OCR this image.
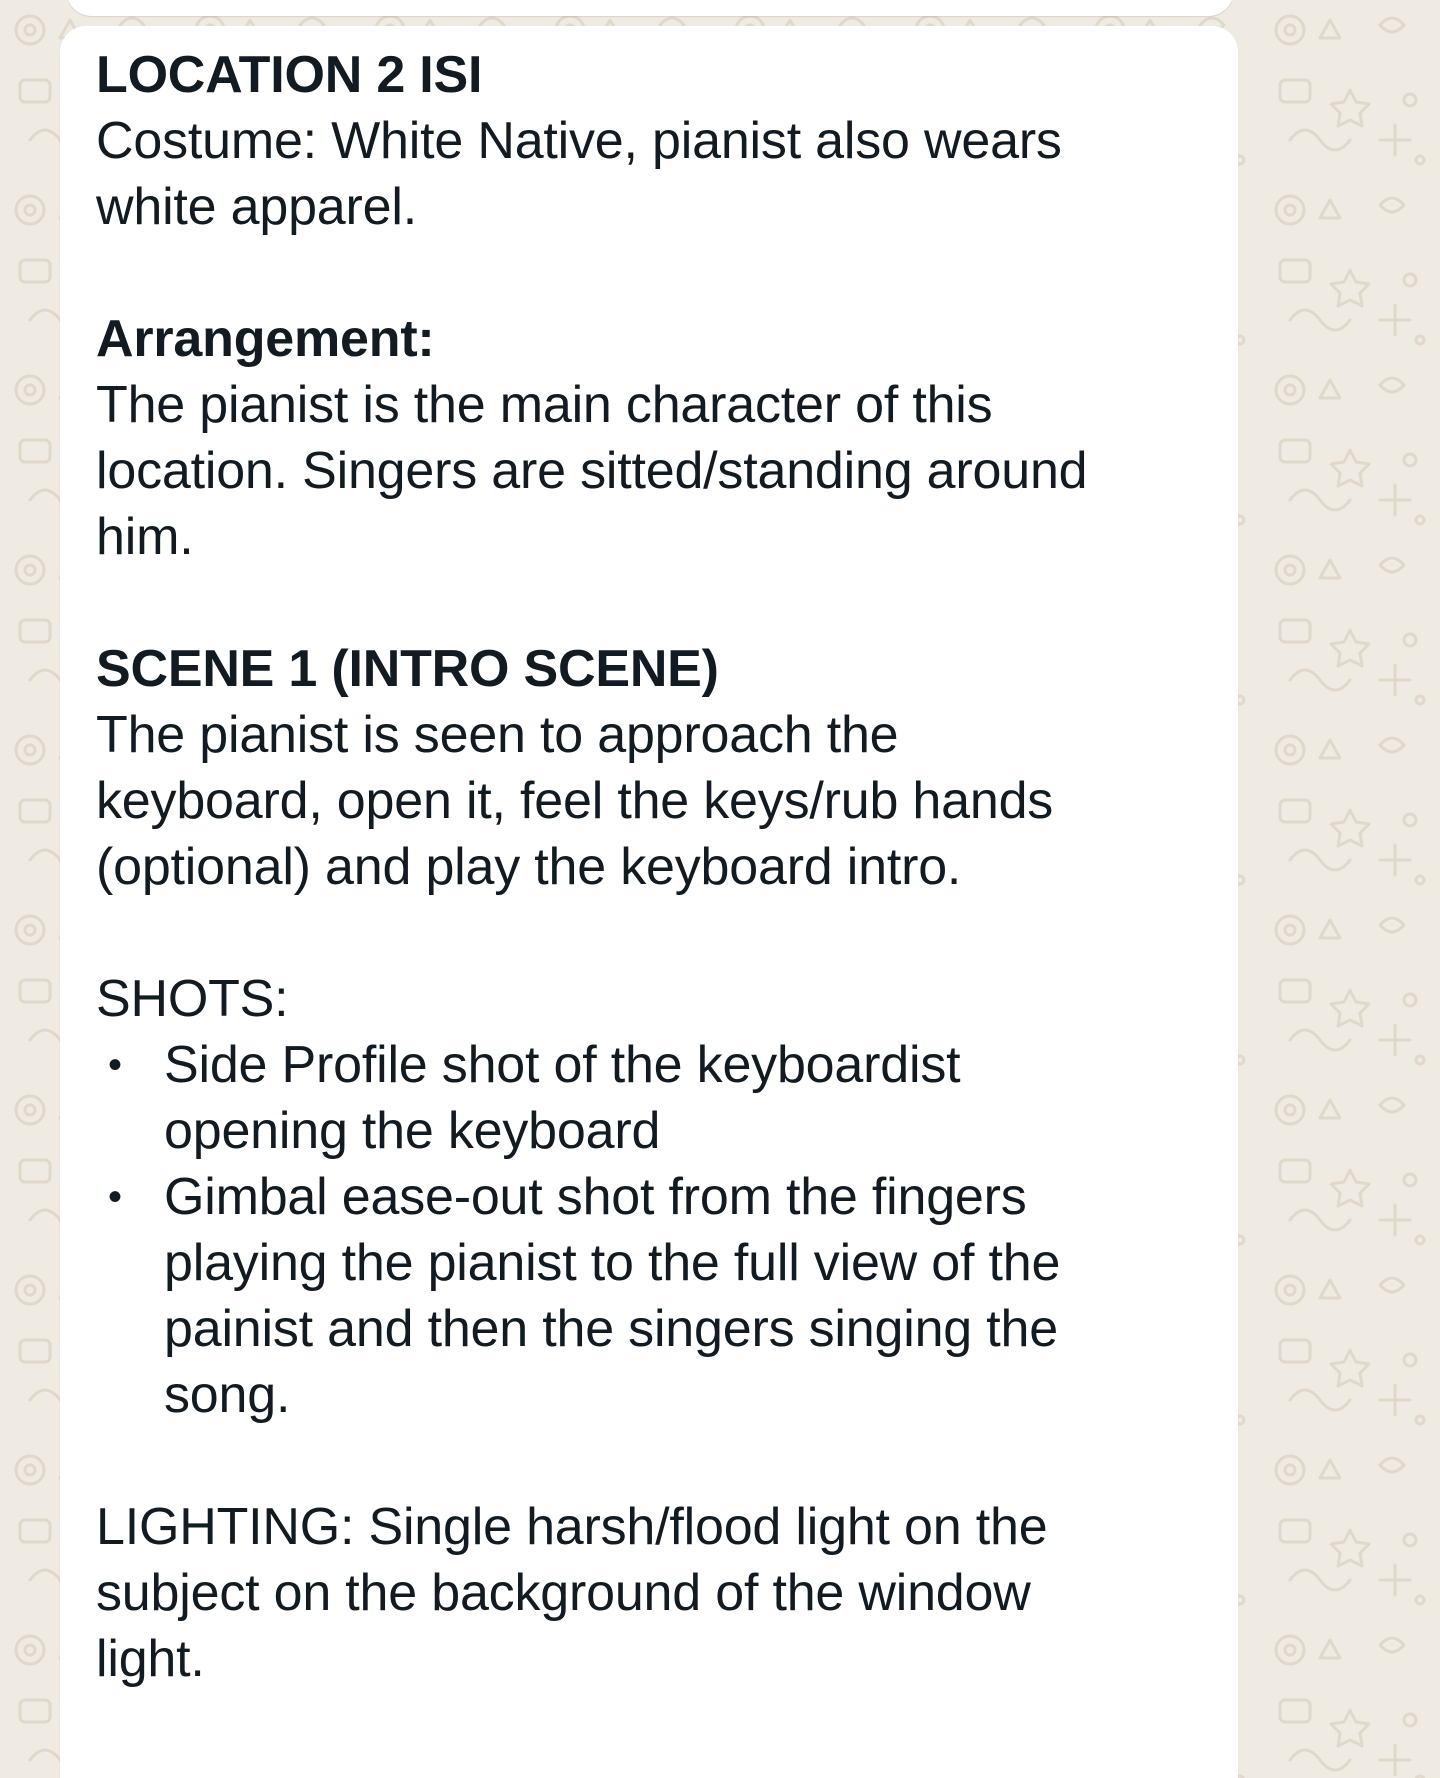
LOCATION 2 ISI

Costume: White Native, pianist also wears
white apparel.

Arrangement:

The pianist is the main character of this
location. Singers are sitted/standing around
him.

SCENE 1 (INTRO SCENE)

The pianist is seen to approach the
keyboard, open it, feel the keys/rub hands
(optional) and play the keyboard intro.

SHOTS:

• Side Profile shot of the keyboardist
opening the keyboard
• Gimbal ease-out shot from the fingers
playing the pianist to the full view of the
painist and then the singers singing the
song.

LIGHTING: Single harsh/flood light on the
subject on the background of the window
light.
